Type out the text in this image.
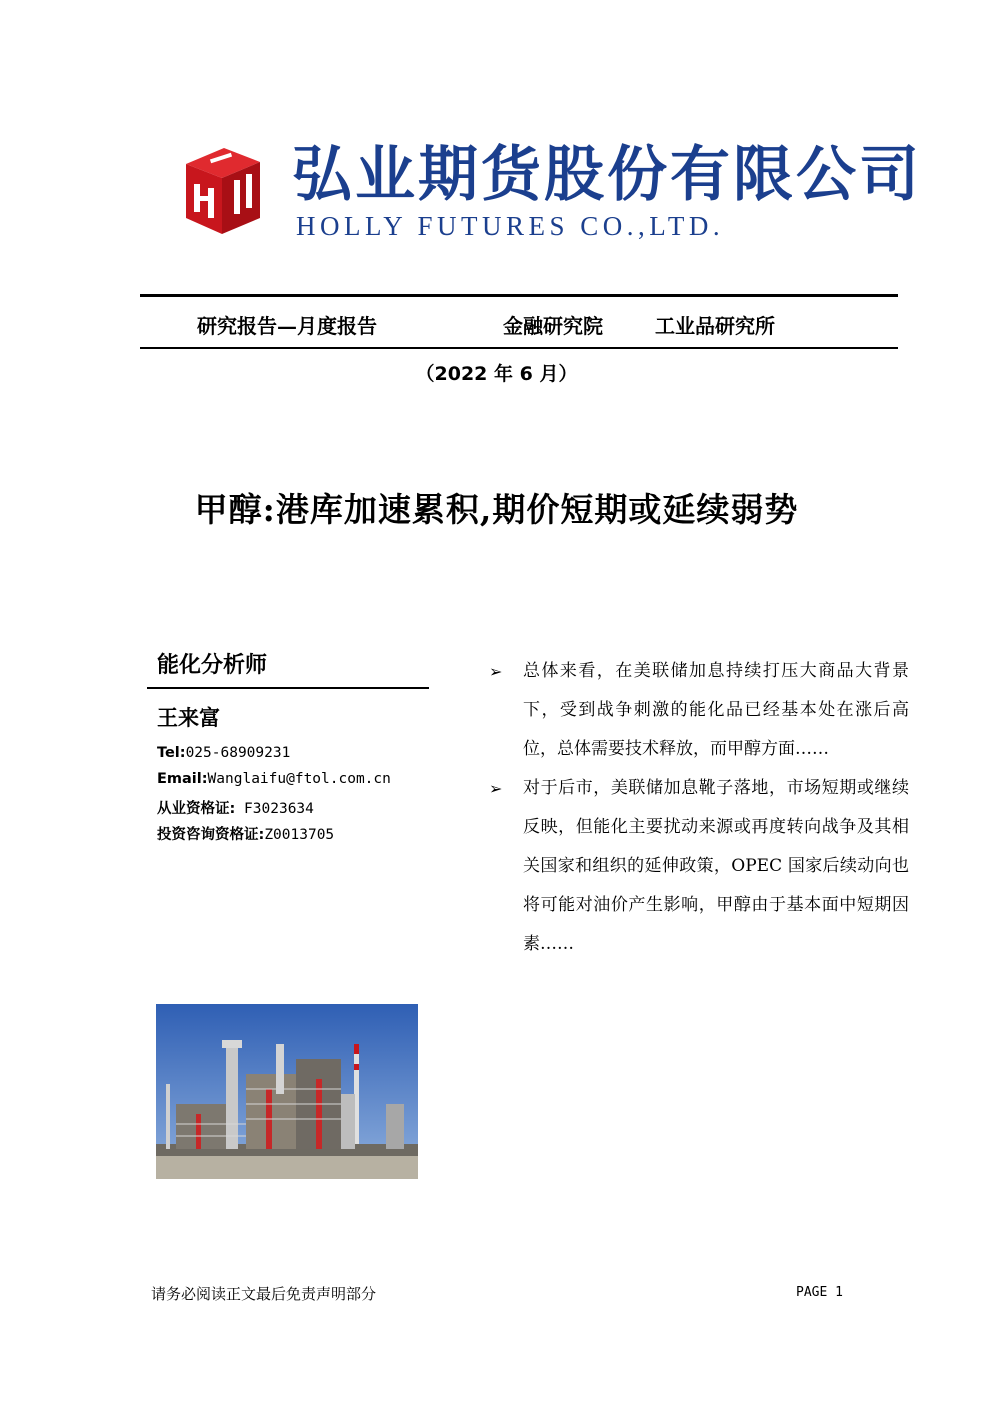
弘业期货股份有限公司
HOLLY FUTURES CO.,LTD.
研究报告—月度报告	金融研究院	工业品研究所
（2022 年 6 月）
甲醇:港库加速累积,期价短期或延续弱势
能化分析师
王来富
Tel:025-68909231
Email:Wanglaifu@ftol.com.cn
从业资格证: F3023634
投资咨询资格证:Z0013705
➢ 总体来看，在美联储加息持续打压大商品大背景下，受到战争刺激的能化品已经基本处在涨后高位，总体需要技术释放，而甲醇方面……
➢ 对于后市，美联储加息靴子落地，市场短期或继续反映，但能化主要扰动来源或再度转向战争及其相关国家和组织的延伸政策，OPEC 国家后续动向也将可能对油价产生影响，甲醇由于基本面中短期因素……
请务必阅读正文最后免责声明部分	PAGE 1
